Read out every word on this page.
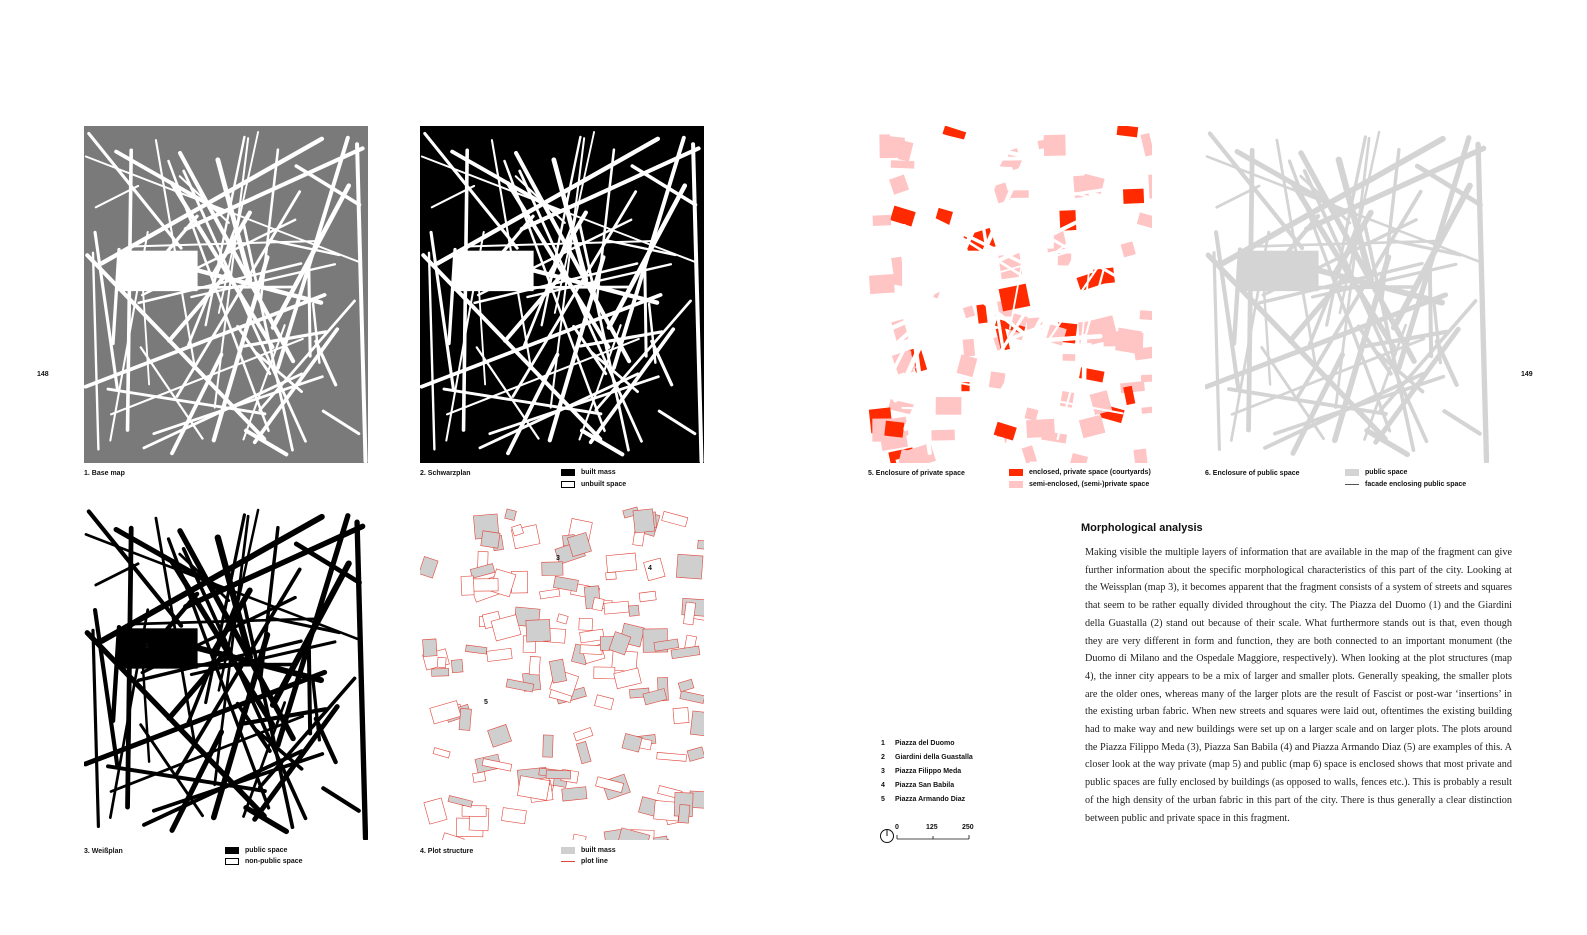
148	149
1
2
3
4
5
1. Base map	2. Schwarzplan
3. Weißplan	4. Plot structure
5. Enclosure of private space	6. Enclosure of public space
built mass
unbuilt space
public space
non-public space
built mass
plot line
enclosed, private space (courtyards)
semi-enclosed, (semi-)private space
public space
facade enclosing public space
Morphological analysis
Making visible the multiple layers of information that are available in the map of the fragment can give further information about the specific morphological characteristics of this part of the city. Looking at the Weissplan (map 3), it becomes apparent that the fragment consists of a system of streets and squares that seem to be rather equally divided throughout the city. The Piazza del Duomo (1) and the Giardini della Guastalla (2) stand out because of their scale. What furthermore stands out is that, even though they are very different in form and function, they are both connected to an important monument (the Duomo di Milano and the Ospedale Maggiore, respectively). When looking at the plot structures (map 4), the inner city appears to be a mix of larger and smaller plots. Generally speaking, the smaller plots are the older ones, whereas many of the larger plots are the result of Fascist or post-war ‘insertions’ in the existing urban fabric. When new streets and squares were laid out, oftentimes the existing building had to make way and new buildings were set up on a larger scale and on larger plots. The plots around the Piazza Filippo Meda (3), Piazza San Babila (4) and Piazza Armando Diaz (5) are examples of this. A closer look at the way private (map 5) and public (map 6) space is enclosed shows that most private and public spaces are fully enclosed by buildings (as opposed to walls, fences etc.). This is probably a result of the high density of the urban fabric in this part of the city. There is thus generally a clear distinction between public and private space in this fragment.
1	Piazza del Duomo
2	Giardini della Guastalla
3	Piazza Filippo Meda
4	Piazza San Babila
5	Piazza Armando Diaz
0	125	250
